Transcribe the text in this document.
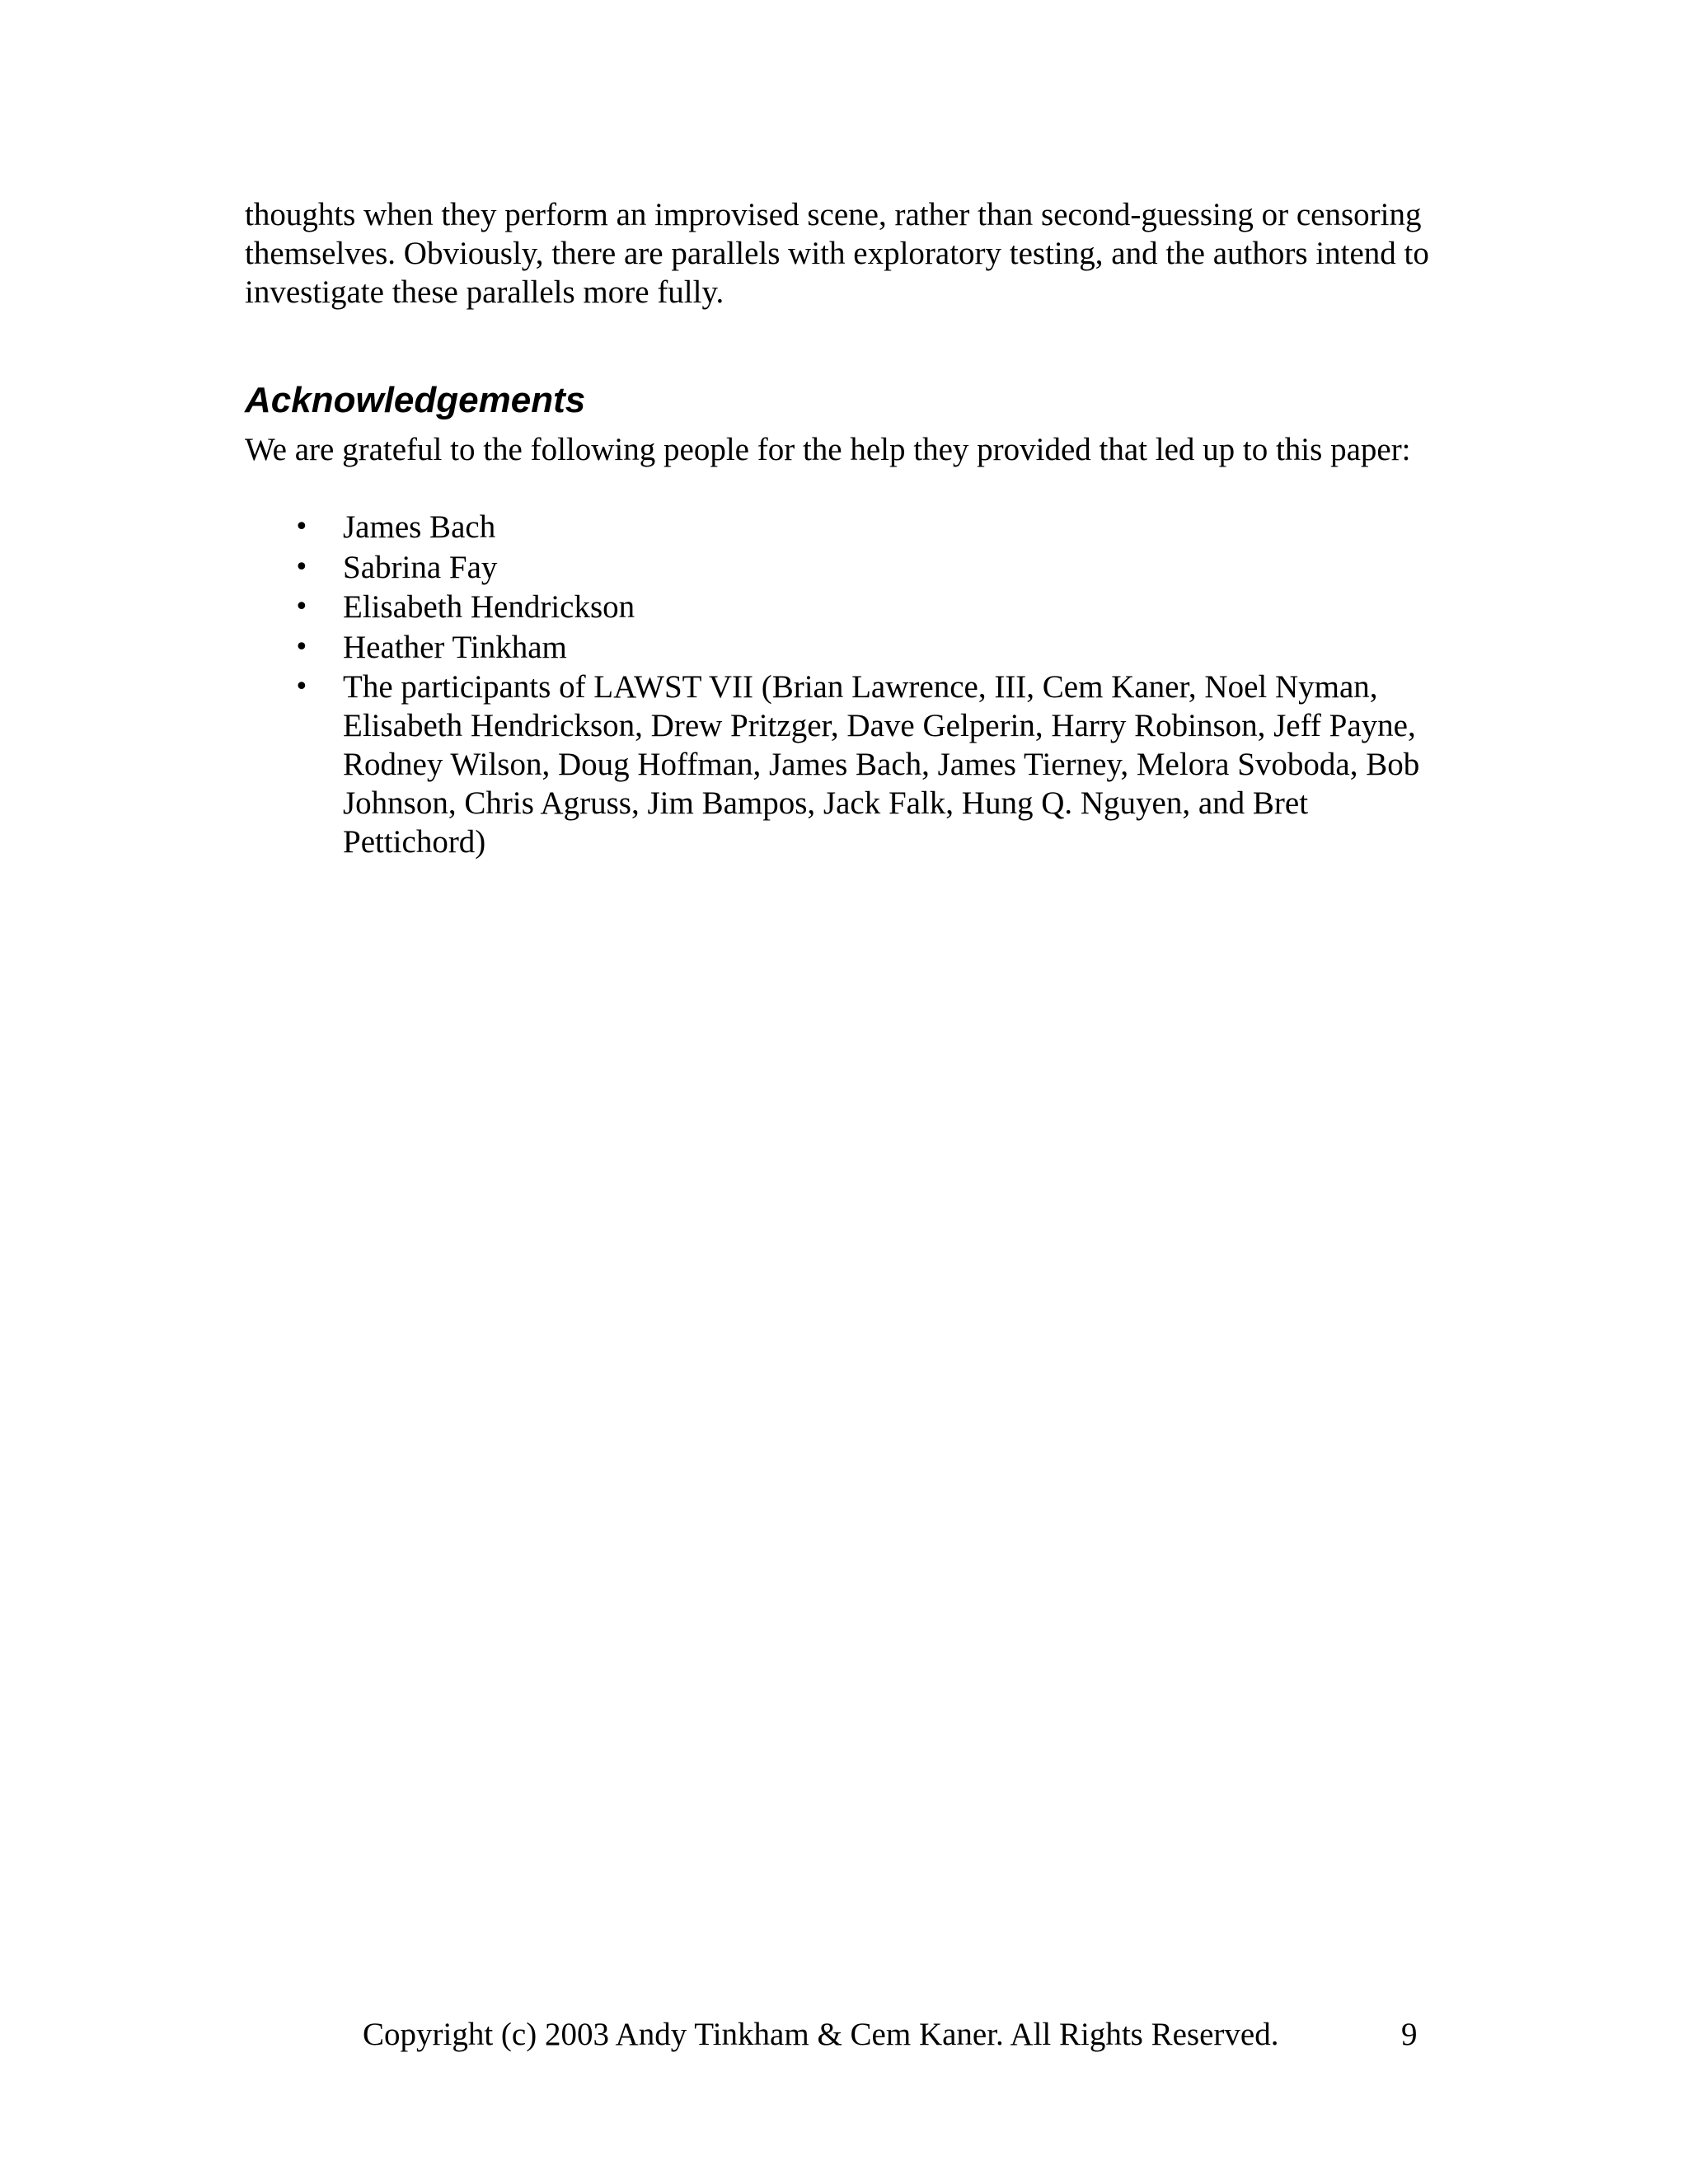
thoughts when they perform an improvised scene, rather than second-guessing or censoring themselves. Obviously, there are parallels with exploratory testing, and the authors intend to investigate these parallels more fully.

Acknowledgements

We are grateful to the following people for the help they provided that led up to this paper:

• James Bach
• Sabrina Fay
• Elisabeth Hendrickson
• Heather Tinkham
• The participants of LAWST VII (Brian Lawrence, III, Cem Kaner, Noel Nyman, Elisabeth Hendrickson, Drew Pritzger, Dave Gelperin, Harry Robinson, Jeff Payne, Rodney Wilson, Doug Hoffman, James Bach, James Tierney, Melora Svoboda, Bob Johnson, Chris Agruss, Jim Bampos, Jack Falk, Hung Q. Nguyen, and Bret Pettichord)
Copyright (c) 2003 Andy Tinkham & Cem Kaner. All Rights Reserved.	9
